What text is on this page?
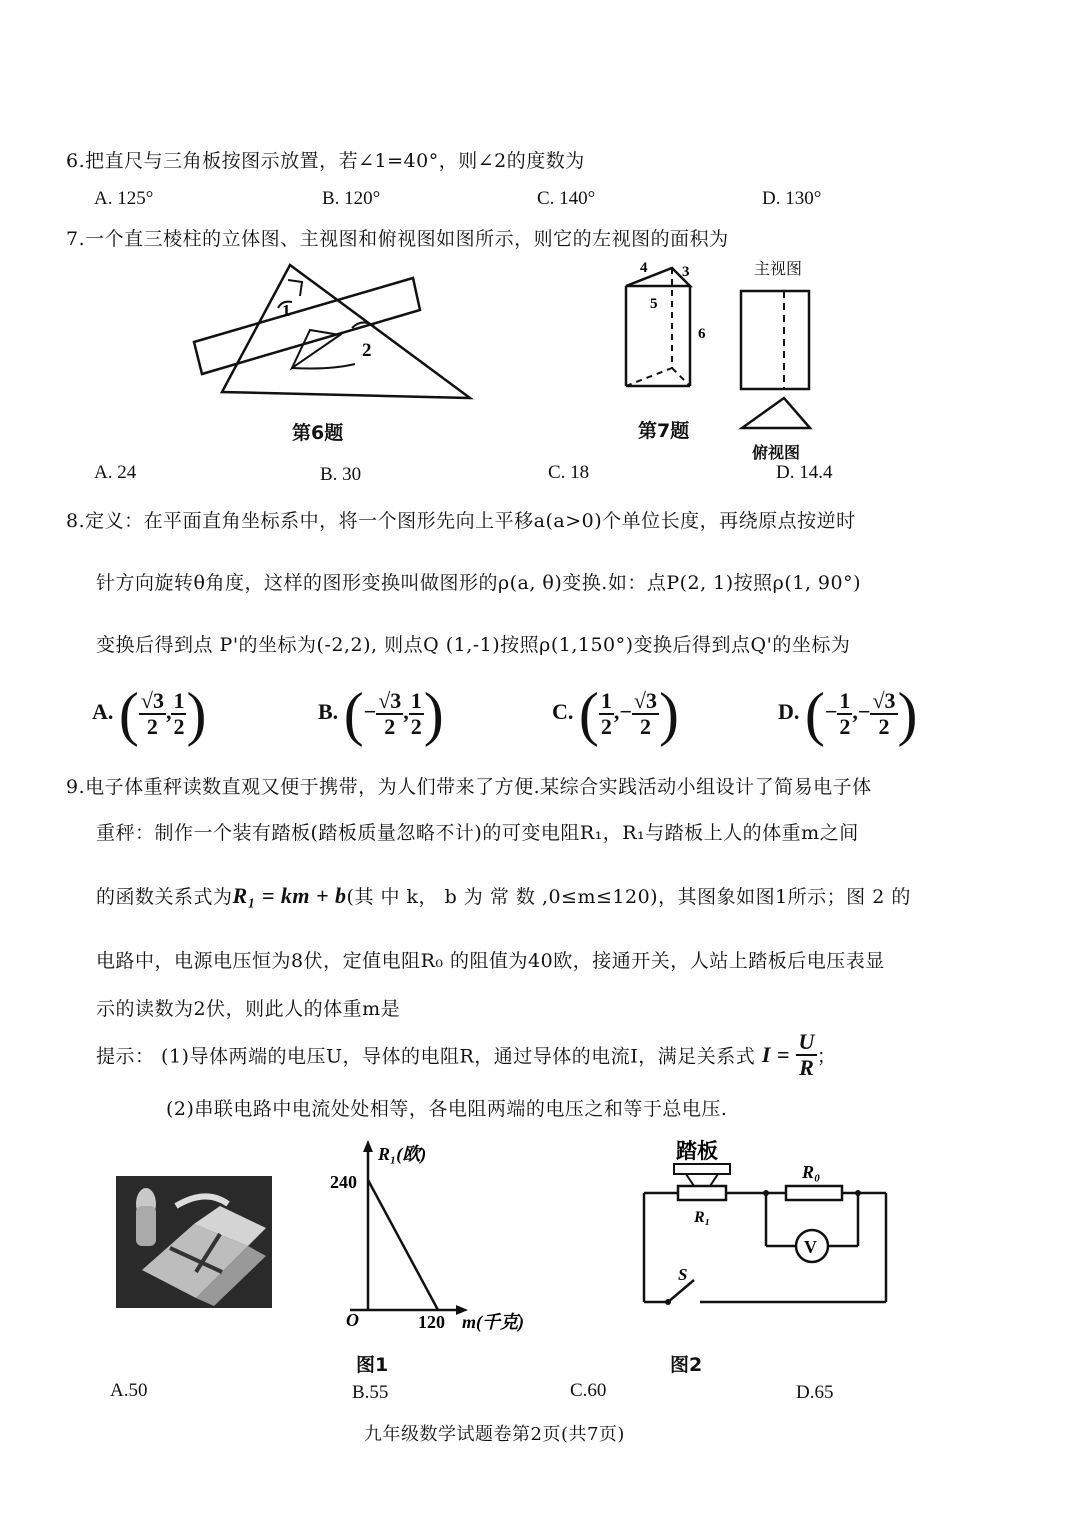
6.把直尺与三角板按图示放置，若∠1=40°，则∠2的度数为
A. 125°	B. 120°	C. 140°	D. 130°
7.一个直三棱柱的立体图、主视图和俯视图如图所示，则它的左视图的面积为
1
2
第6题
4 3
5
6
第7题
主视图
俯视图
A. 24	B. 30	C. 18	D. 14.4
8.定义：在平面直角坐标系中，将一个图形先向上平移a(a>0)个单位长度，再绕原点按逆时
针方向旋转θ角度，这样的图形变换叫做图形的ρ(a, θ)变换.如：点P(2, 1)按照ρ(1, 90°)
变换后得到点 P'的坐标为(-2,2), 则点Q (1,-1)按照ρ(1,150°)变换后得到点Q'的坐标为
A. ( $\frac{√3}{2}$ , $\frac{1}{2}$ )	B. (− $\frac{√3}{2}$ , $\frac{1}{2}$ )	C. ( $\frac{1}{2}$ ,− $\frac{√3}{2}$ )	D. (− $\frac{1}{2}$ ,− $\frac{√3}{2}$ )
9.电子体重秤读数直观又便于携带，为人们带来了方便.某综合实践活动小组设计了简易电子体
重秤：制作一个装有踏板(踏板质量忽略不计)的可变电阻R₁，R₁与踏板上人的体重m之间
的函数关系式为R₁ = km + b(其 中 k， b 为 常 数 ,0≤m≤120)，其图象如图1所示；图 2 的
电路中，电源电压恒为8伏，定值电阻R₀ 的阻值为40欧，接通开关，人站上踏板后电压表显
示的读数为2伏，则此人的体重m是
提示： (1)导体两端的电压U，导体的电阻R，通过导体的电流I，满足关系式 $I = \frac{U}{R}$ ；
(2)串联电路中电流处处相等，各电阻两端的电压之和等于总电压.
R₁(欧)
240
O	120 m(千克)
图1
踏板
R₁
R₀
V
S
图2
A.50	B.55	C.60	D.65
九年级数学试题卷第2页(共7页)
